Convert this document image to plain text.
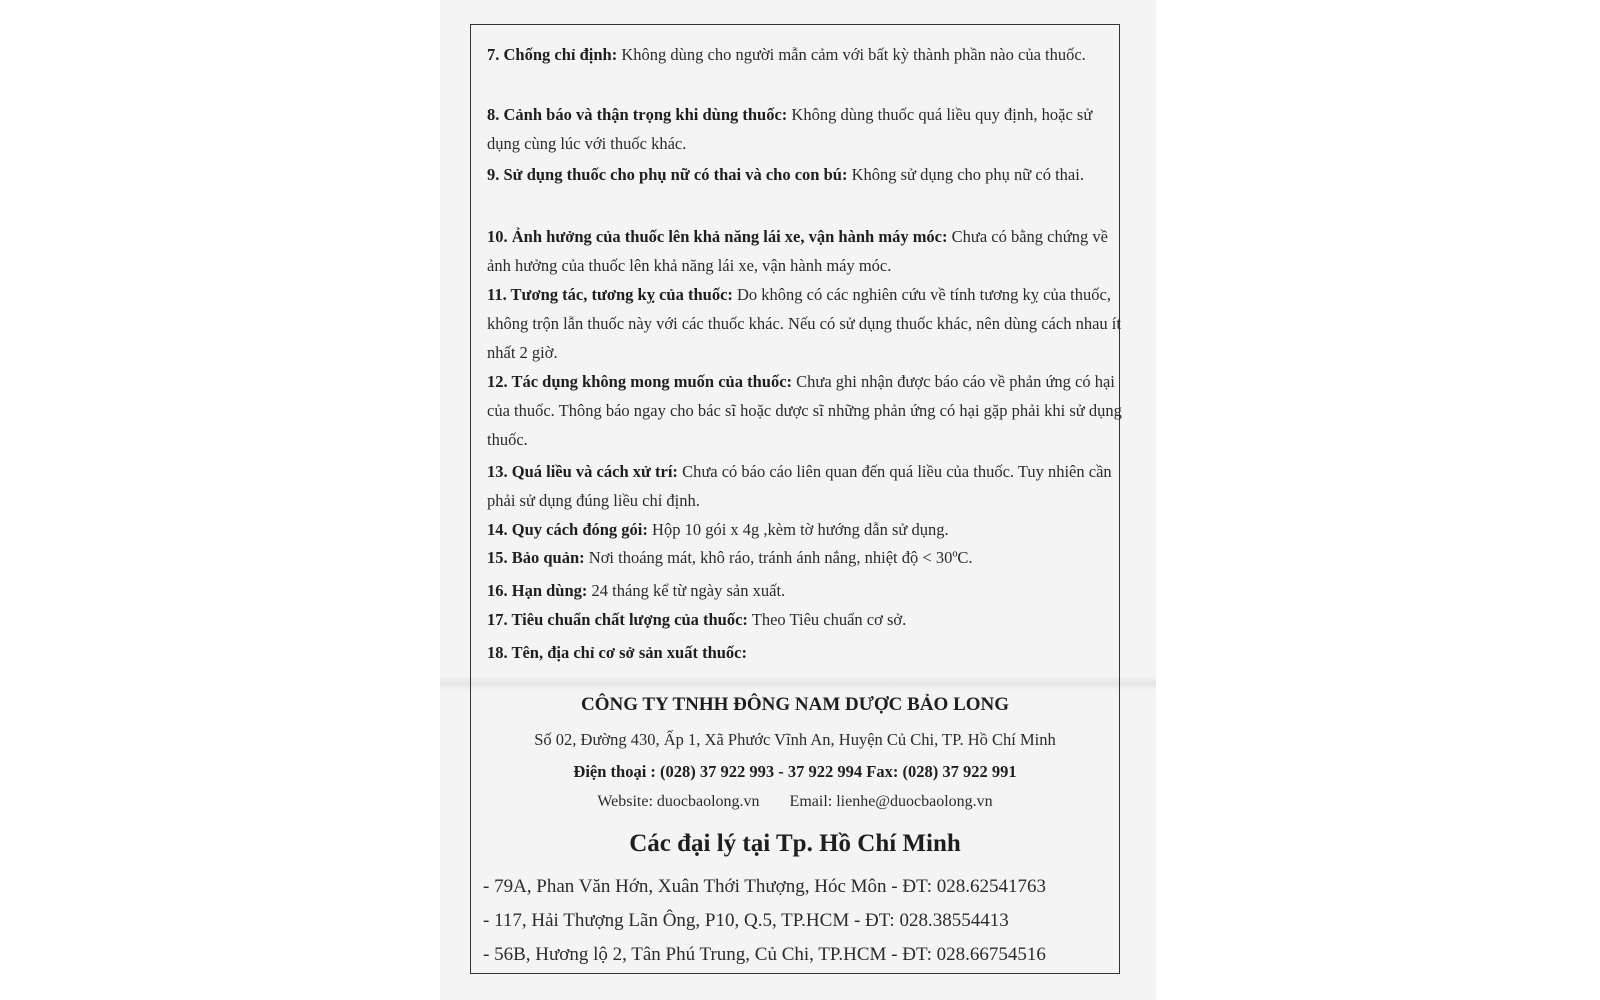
7. Chống chỉ định: Không dùng cho người mẫn cảm với bất kỳ thành phần nào của thuốc.

8. Cảnh báo và thận trọng khi dùng thuốc: Không dùng thuốc quá liều quy định, hoặc sử dụng cùng lúc với thuốc khác.

9. Sử dụng thuốc cho phụ nữ có thai và cho con bú: Không sử dụng cho phụ nữ có thai.

10. Ảnh hưởng của thuốc lên khả năng lái xe, vận hành máy móc: Chưa có bằng chứng về ảnh hưởng của thuốc lên khả năng lái xe, vận hành máy móc.

11. Tương tác, tương kỵ của thuốc: Do không có các nghiên cứu về tính tương kỵ của thuốc, không trộn lẫn thuốc này với các thuốc khác. Nếu có sử dụng thuốc khác, nên dùng cách nhau ít nhất 2 giờ.

12. Tác dụng không mong muốn của thuốc: Chưa ghi nhận được báo cáo về phản ứng có hại của thuốc. Thông báo ngay cho bác sĩ hoặc dược sĩ những phản ứng có hại gặp phải khi sử dụng thuốc.

13. Quá liều và cách xử trí: Chưa có báo cáo liên quan đến quá liều của thuốc. Tuy nhiên cần phải sử dụng đúng liều chỉ định.

14. Quy cách đóng gói: Hộp 10 gói x 4g ,kèm tờ hướng dẫn sử dụng.

15. Bảo quản: Nơi thoáng mát, khô ráo, tránh ánh nắng, nhiệt độ < 30ºC.

16. Hạn dùng: 24 tháng kể từ ngày sản xuất.

17. Tiêu chuẩn chất lượng của thuốc: Theo Tiêu chuẩn cơ sở.

18. Tên, địa chỉ cơ sở sản xuất thuốc:

CÔNG TY TNHH ĐÔNG NAM DƯỢC BẢO LONG

Số 02, Đường 430, Ấp 1, Xã Phước Vĩnh An, Huyện Củ Chi, TP. Hồ Chí Minh

Điện thoại : (028) 37 922 993 - 37 922 994 Fax: (028) 37 922 991

Website: duocbaolong.vn Email: lienhe@duocbaolong.vn

Các đại lý tại Tp. Hồ Chí Minh

- 79A, Phan Văn Hớn, Xuân Thới Thượng, Hóc Môn - ĐT: 028.62541763
- 117, Hải Thượng Lãn Ông, P10, Q.5, TP.HCM - ĐT: 028.38554413
- 56B, Hương lộ 2, Tân Phú Trung, Củ Chi, TP.HCM - ĐT: 028.66754516
